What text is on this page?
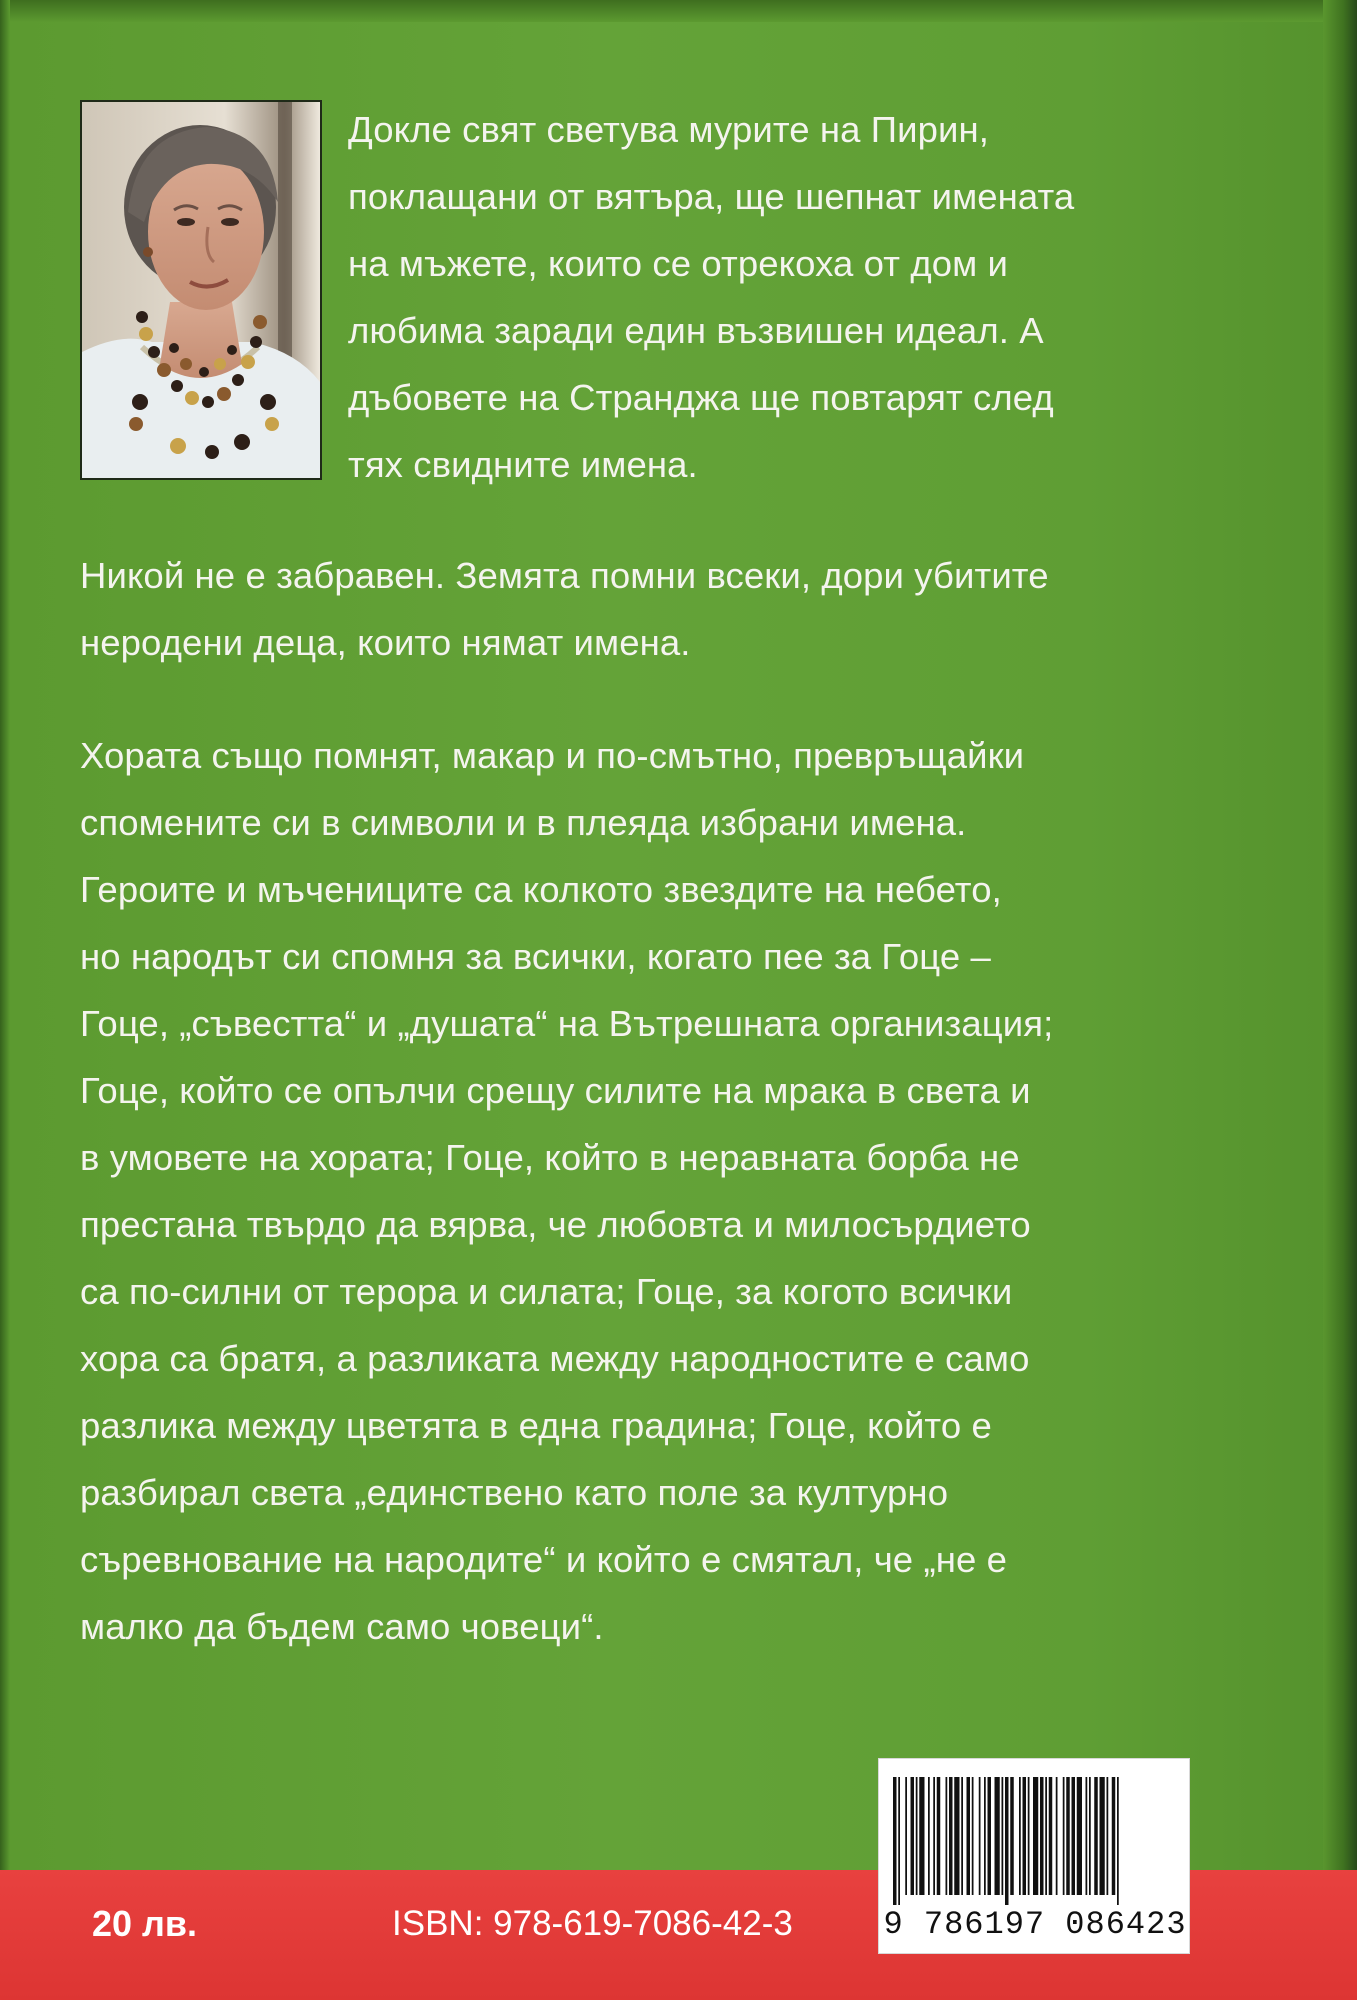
Докле свят светува мурите на Пирин,
поклащани от вятъра, ще шепнат имената
на мъжете, които се отрекоха от дом и
любима заради един възвишен идеал. А
дъбовете на Странджа ще повтарят след
тях свидните имена.
Никой не е забравен. Земята помни всеки, дори убитите
неродени деца, които нямат имена.
Хората също помнят, макар и по-смътно, превръщайки
спомените си в символи и в плеяда избрани имена.
Героите и мъчениците са колкото звездите на небето,
но народът си спомня за всички, когато пее за Гоце –
Гоце, „съвестта“ и „душата“ на Вътрешната организация;
Гоце, който се опълчи срещу силите на мрака в света и
в умовете на хората; Гоце, който в неравната борба не
престана твърдо да вярва, че любовта и милосърдието
са по-силни от терора и силата; Гоце, за когото всички
хора са братя, а разликата между народностите е само
разлика между цветята в една градина; Гоце, който е
разбирал света „единствено като поле за културно
съревнование на народите“ и който е смятал, че „не е
малко да бъдем само човеци“.
20 лв.	ISBN: 978-619-7086-42-3	9 786197 086423
